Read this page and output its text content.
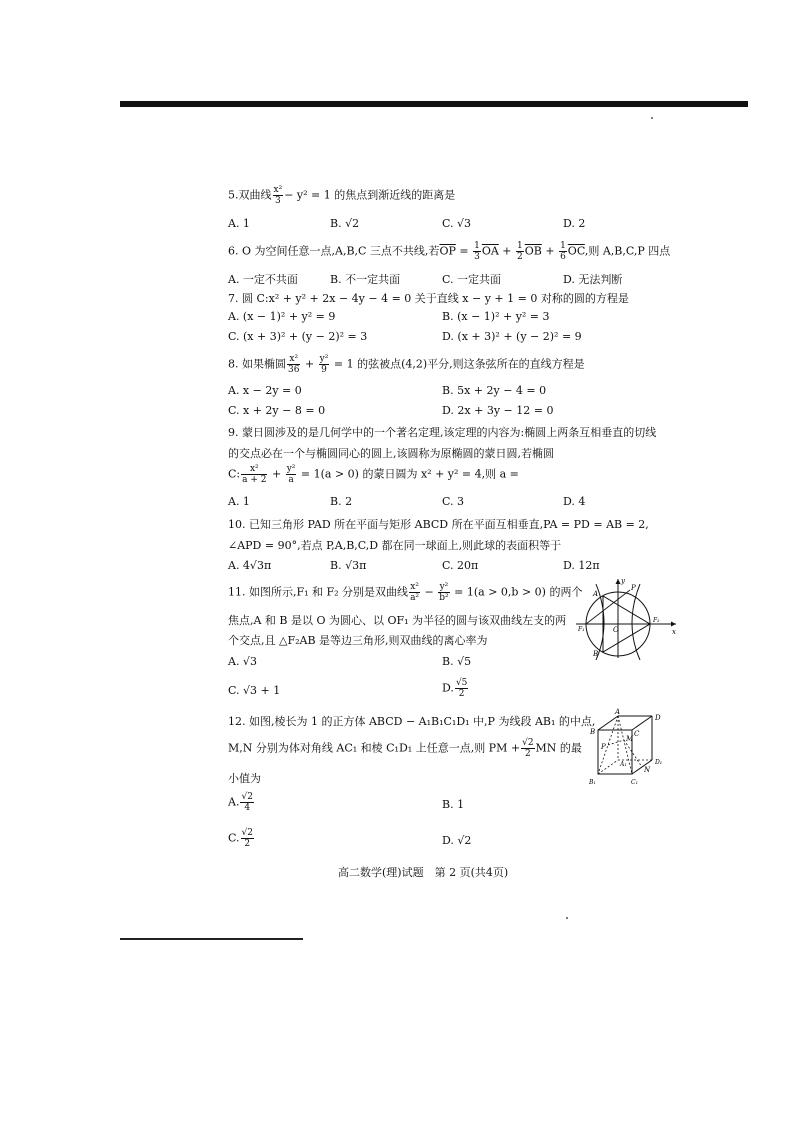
5.双曲线 $\frac{\text{x²}}{3} - y^2 = 1$ 的焦点到渐近线的距离是
A. 1	B. √2	C. √3	D. 2
6. O 为空间任意一点,A,B,C 三点不共线,若$\overline{OP} = \frac{1}{3} \overline{OA} + \frac{1}{2} \overline{OB} + \frac{1}{6} \overline{OC}$,则 A,B,C,P 四点
A. 一定不共面	B. 不一定共面	C. 一定共面	D. 无法判断
7. 圆 C:x² + y² + 2x − 4y − 4 = 0 关于直线 x − y + 1 = 0 对称的圆的方程是
A. (x − 1)² + y² = 9	B. (x − 1)² + y² = 3
C. (x + 3)² + (y − 2)² = 3	D. (x + 3)² + (y − 2)² = 9
8. 如果椭圆 $\frac{\text{x²}}{36} + \frac{\text{y²}}{9} = 1$ 的弦被点(4,2)平分,则这条弦所在的直线方程是
A. x − 2y = 0	B. 5x + 2y − 4 = 0
C. x + 2y − 8 = 0	D. 2x + 3y − 12 = 0
9. 蒙日圆涉及的是几何学中的一个著名定理,该定理的内容为:椭圆上两条互相垂直的切线
的交点必在一个与椭圆同心的圆上,该圆称为原椭圆的蒙日圆,若椭圆
C: $\frac{\text{x²}}{a + 2} + \frac{\text{y²}}{a} = 1(a > 0)$ 的蒙日圆为 x² + y² = 4,则 a =
A. 1	B. 2	C. 3	D. 4
10. 已知三角形 PAD 所在平面与矩形 ABCD 所在平面互相垂直,PA = PD = AB = 2,
∠APD = 90°,若点 P,A,B,C,D 都在同一球面上,则此球的表面积等于
A. 4√3π	B. √3π	C. 20π	D. 12π
11. 如图所示,F₁ 和 F₂ 分别是双曲线 $\frac{\text{x²}}{\text{a²}} - \frac{\text{y²}}{\text{b²}} = 1(a > 0,b > 0)$ 的两个
焦点,A 和 B 是以 O 为圆心、以 OF₁ 为半径的圆与该双曲线左支的两
个交点,且 △F₂AB 是等边三角形,则双曲线的离心率为
A. √3	B. √5
C. √3 + 1	D. $\frac{√5}{2}$
A
B
P
y
x
O
F₁
F₂
12. 如图,棱长为 1 的正方体 ABCD − A₁B₁C₁D₁ 中,P 为线段 AB₁ 的中点,
M,N 分别为体对角线 AC₁ 和棱 C₁D₁ 上任意一点,则 PM + $\frac{√2}{2}$ MN 的最
小值为
A. $\frac{√2}{4}$	B. 1
C. $\frac{√2}{2}$	D. √2
A
B	C
D
P
M
N
A₁
B₁	C₁
D₁
高二数学(理)试题　第 2 页(共4页)
